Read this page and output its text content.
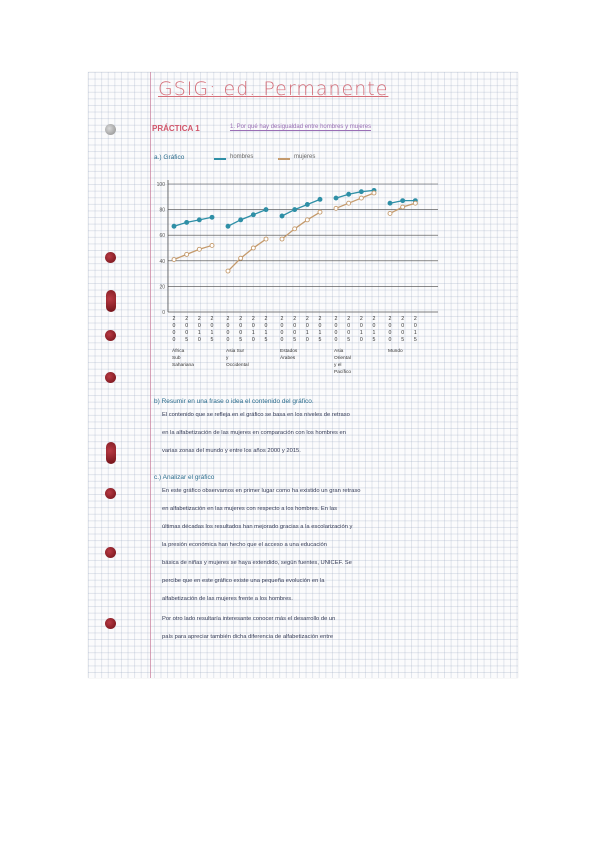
GSIG: ed. Permanente
PRÁCTICA 1	1. Por qué hay desigualdad entre hombres y mujeres
a.) Gráfico	hombres	mujeres
0
20
40
60
80
100
2 0 0 0
2 0 0 5
2 0 1 0
2 0 1 5
África Sub Sahariana
2 0 0 0
2 0 0 5
2 0 1 0
2 0 1 5
Asia Sur y Occidental
2 0 0 0
2 0 0 5
2 0 1 0
2 0 1 5
Estados Árabes
2 0 0 0
2 0 0 5
2 0 1 0
2 0 1 5
Asia Oriental y el Pacífico
2 0 0 0
2 0 0 5
2 0 1 5
Mundo
b) Resumir en una frase o idea el contenido del gráfico.
El contenido que se refleja en el gráfico se basa en los niveles de retraso
en la alfabetización de las mujeres en comparación con los hombres en
varias zonas del mundo y entre los años 2000 y 2015.
c.) Analizar el gráfico
En este gráfico observamos en primer lugar como ha existido un gran retraso
en alfabetización en las mujeres con respecto a los hombres. En las
últimas décadas los resultados han mejorado gracias a la escolarización y
la presión económica han hecho que el acceso a una educación
básica de niñas y mujeres se haya extendido, según fuentes, UNICEF. Se
percibe que en este gráfico existe una pequeña evolución en la
alfabetización de las mujeres frente a los hombres.
Por otro lado resultaría interesante conocer más el desarrollo de un
país para apreciar también dicha diferencia de alfabetización entre
